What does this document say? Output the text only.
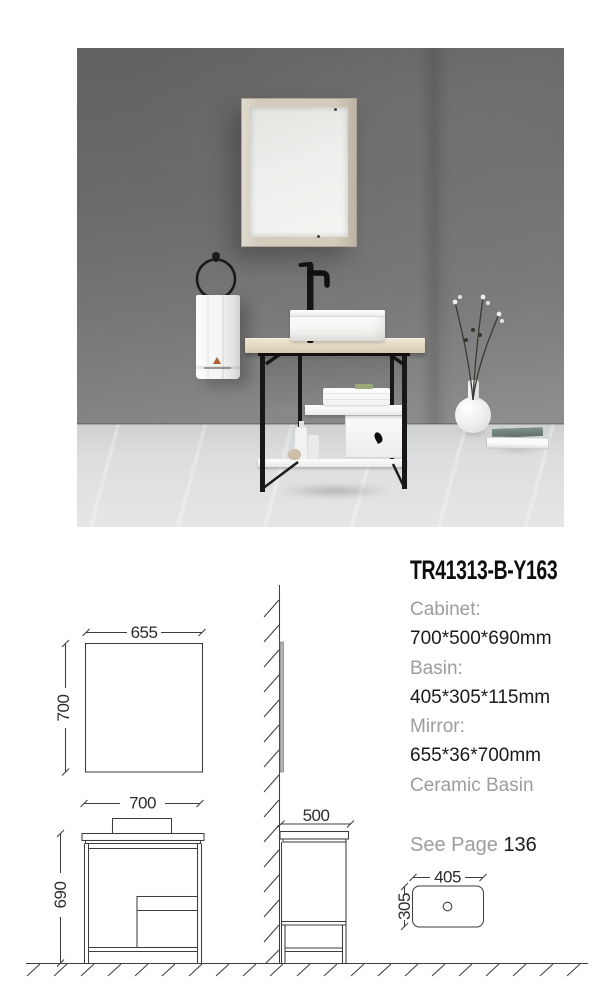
655
700
700
690
500
405
305
TR41313-B-Y163
Cabinet:
700*500*690mm
Basin:
405*305*115mm
Mirror:
655*36*700mm
Ceramic Basin
See Page 136
